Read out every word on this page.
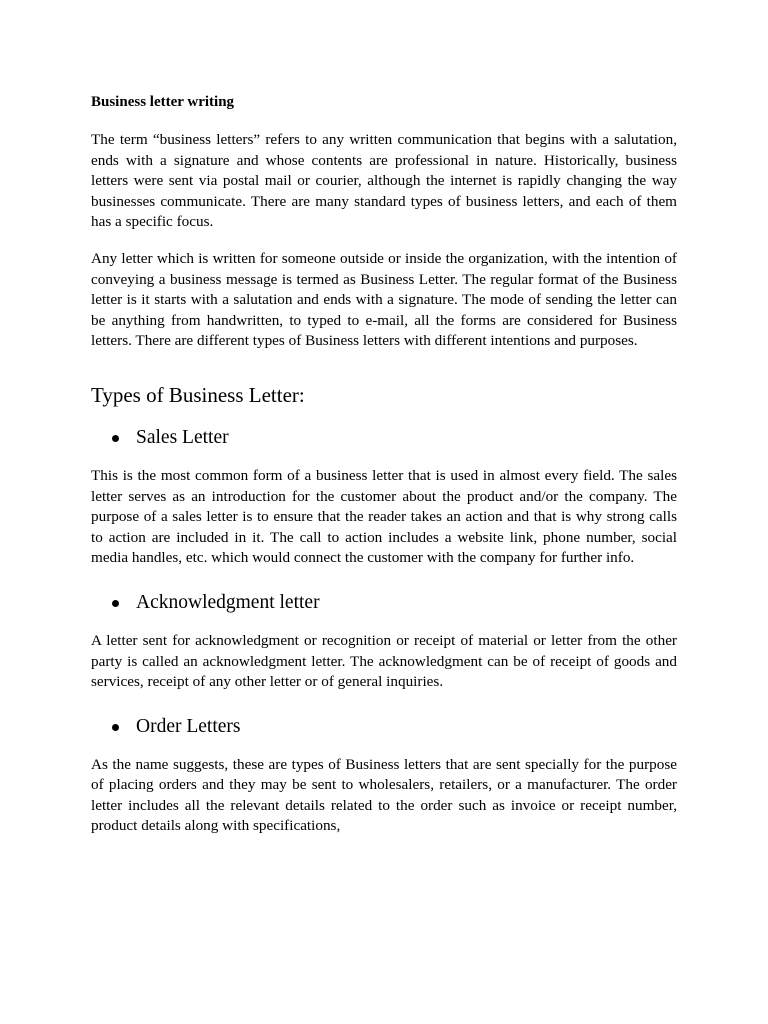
Business letter writing

The term “business letters” refers to any written communication that begins with a salutation, ends with a signature and whose contents are professional in nature. Historically, business letters were sent via postal mail or courier, although the internet is rapidly changing the way businesses communicate. There are many standard types of business letters, and each of them has a specific focus.

Any letter which is written for someone outside or inside the organization, with the intention of conveying a business message is termed as Business Letter. The regular format of the Business letter is it starts with a salutation and ends with a signature. The mode of sending the letter can be anything from handwritten, to typed to e-mail, all the forms are considered for Business letters. There are different types of Business letters with different intentions and purposes.

Types of Business Letter:
Sales Letter

This is the most common form of a business letter that is used in almost every field. The sales letter serves as an introduction for the customer about the product and/or the company. The purpose of a sales letter is to ensure that the reader takes an action and that is why strong calls to action are included in it. The call to action includes a website link, phone number, social media handles, etc. which would connect the customer with the company for further info.

Acknowledgment letter

A letter sent for acknowledgment or recognition or receipt of material or letter from the other party is called an acknowledgment letter. The acknowledgment can be of receipt of goods and services, receipt of any other letter or of general inquiries.

Order Letters

As the name suggests, these are types of Business letters that are sent specially for the purpose of placing orders and they may be sent to wholesalers, retailers, or a manufacturer. The order letter includes all the relevant details related to the order such as invoice or receipt number, product details along with specifications,
